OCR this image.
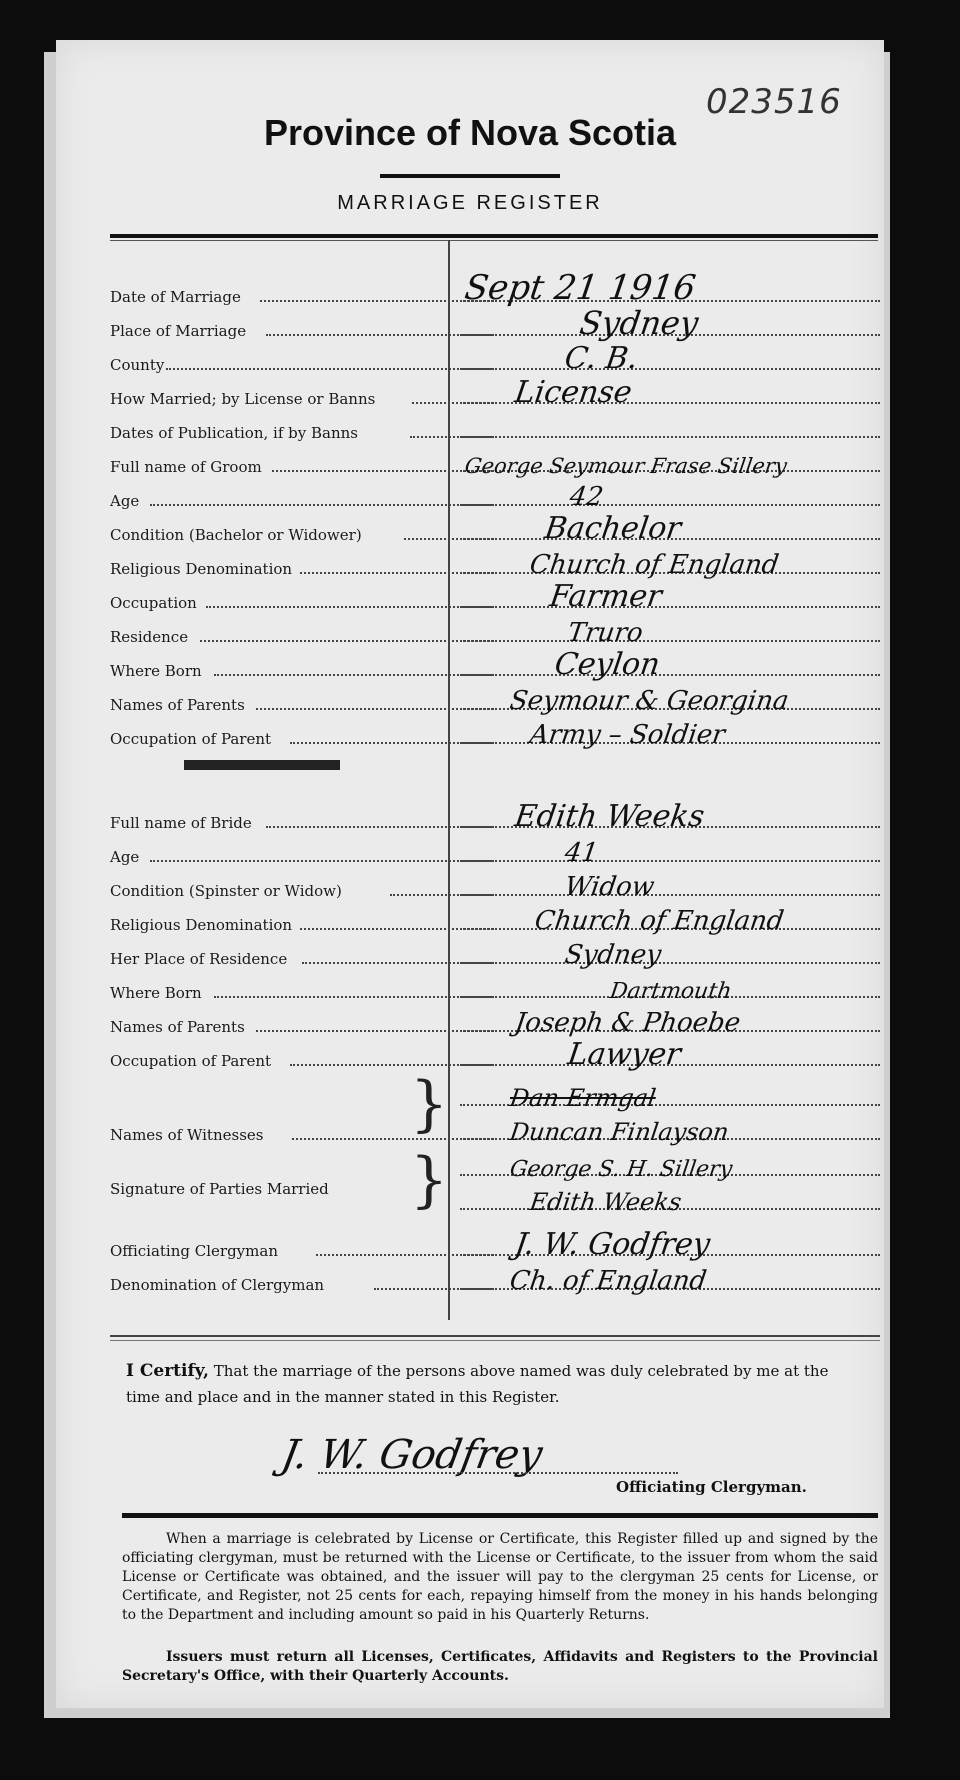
023516
Province of Nova Scotia
MARRIAGE REGISTER
Date of Marriage	Sept 21 1916
Place of Marriage	Sydney
County	C. B.
How Married; by License or Banns	License
Dates of Publication, if by Banns
Full name of Groom	George Seymour Frase Sillery
Age	42
Condition (Bachelor or Widower)	Bachelor
Religious Denomination	Church of England
Occupation	Farmer
Residence	Truro
Where Born	Ceylon
Names of Parents	Seymour & Georgina
Occupation of Parent	Army – Soldier
Full name of Bride	Edith Weeks
Age	41
Condition (Spinster or Widow)	Widow
Religious Denomination	Church of England
Her Place of Residence	Sydney
Where Born	Dartmouth
Names of Parents	Joseph & Phoebe
Occupation of Parent	Lawyer
Dan Ermgal
Names of Witnesses	Duncan Finlayson
}
George S. H. Sillery
Signature of Parties Married	Edith Weeks
}
Officiating Clergyman	J. W. Godfrey
Denomination of Clergyman	Ch. of England
I Certify, That the marriage of the persons above named was duly celebrated by me at the time and place and in the manner stated in this Register.
J. W. Godfrey
Officiating Clergyman.
When a marriage is celebrated by License or Certificate, this Register filled up and signed by the officiating clergyman, must be returned with the License or Certificate, to the issuer from whom the said License or Certificate was obtained, and the issuer will pay to the clergyman 25 cents for License, or Certificate, and Register, not 25 cents for each, repaying himself from the money in his hands belonging to the Department and including amount so paid in his Quarterly Returns.
Issuers must return all Licenses, Certificates, Affidavits and Registers to the Provincial Secretary's Office, with their Quarterly Accounts.
